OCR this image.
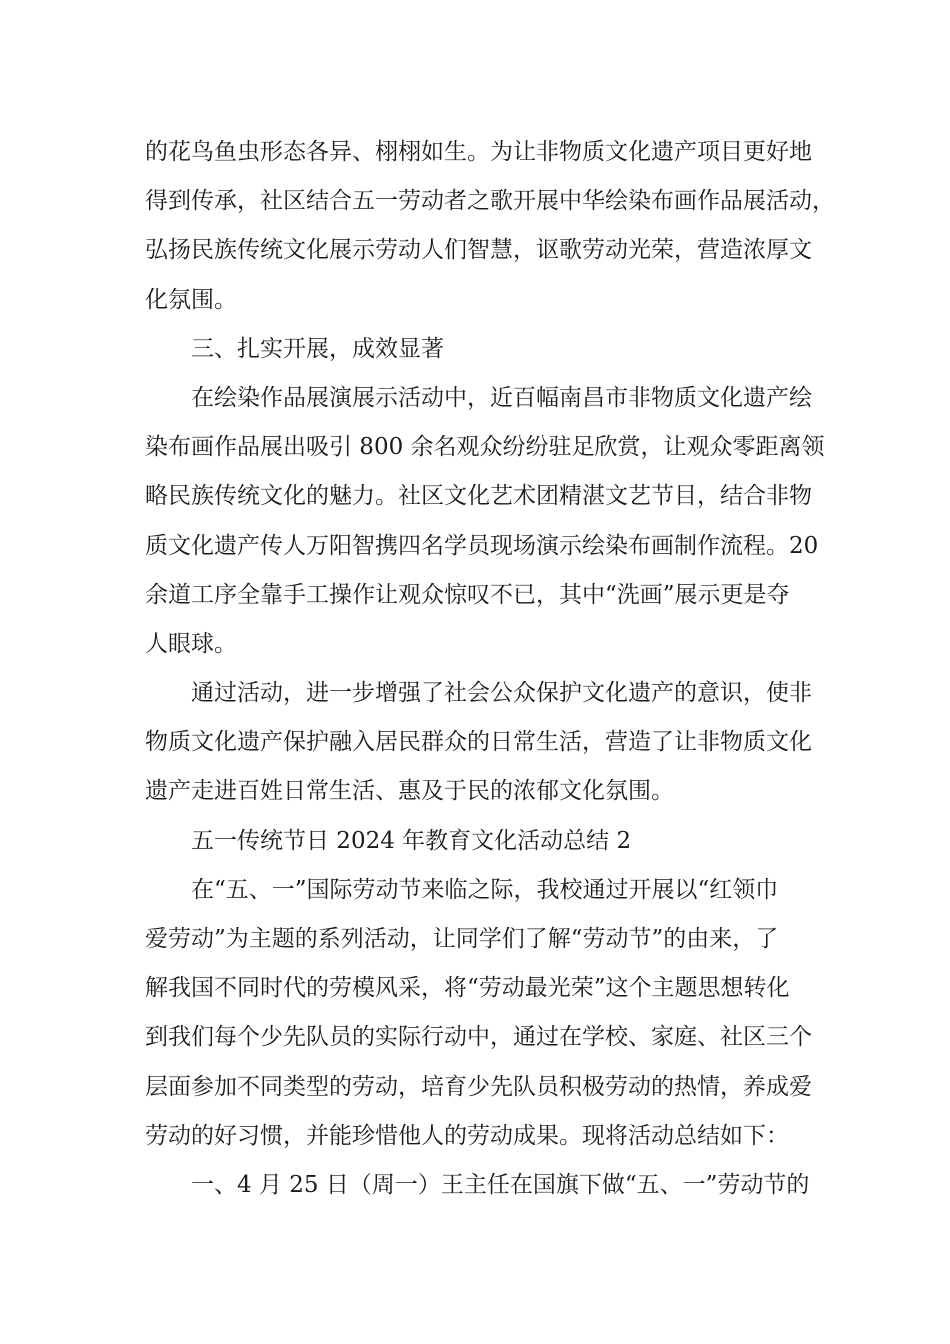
的花鸟鱼虫形态各异、栩栩如生。为让非物质文化遗产项目更好地
得到传承，社区结合五一劳动者之歌开展中华绘染布画作品展活动，
弘扬民族传统文化展示劳动人们智慧，讴歌劳动光荣，营造浓厚文
化氛围。
三、扎实开展，成效显著
在绘染作品展演展示活动中，近百幅南昌市非物质文化遗产绘
染布画作品展出吸引 800 余名观众纷纷驻足欣赏，让观众零距离领
略民族传统文化的魅力。社区文化艺术团精湛文艺节目，结合非物
质文化遗产传人万阳智携四名学员现场演示绘染布画制作流程。20
余道工序全靠手工操作让观众惊叹不已，其中“洗画”展示更是夺
人眼球。
通过活动，进一步增强了社会公众保护文化遗产的意识，使非
物质文化遗产保护融入居民群众的日常生活，营造了让非物质文化
遗产走进百姓日常生活、惠及于民的浓郁文化氛围。
五一传统节日 2024 年教育文化活动总结 2
在“五、一”国际劳动节来临之际，我校通过开展以“红领巾
爱劳动”为主题的系列活动，让同学们了解“劳动节”的由来，了
解我国不同时代的劳模风采，将“劳动最光荣”这个主题思想转化
到我们每个少先队员的实际行动中，通过在学校、家庭、社区三个
层面参加不同类型的劳动，培育少先队员积极劳动的热情，养成爱
劳动的好习惯，并能珍惜他人的劳动成果。现将活动总结如下：
一、4 月 25 日（周一）王主任在国旗下做“五、一”劳动节的
